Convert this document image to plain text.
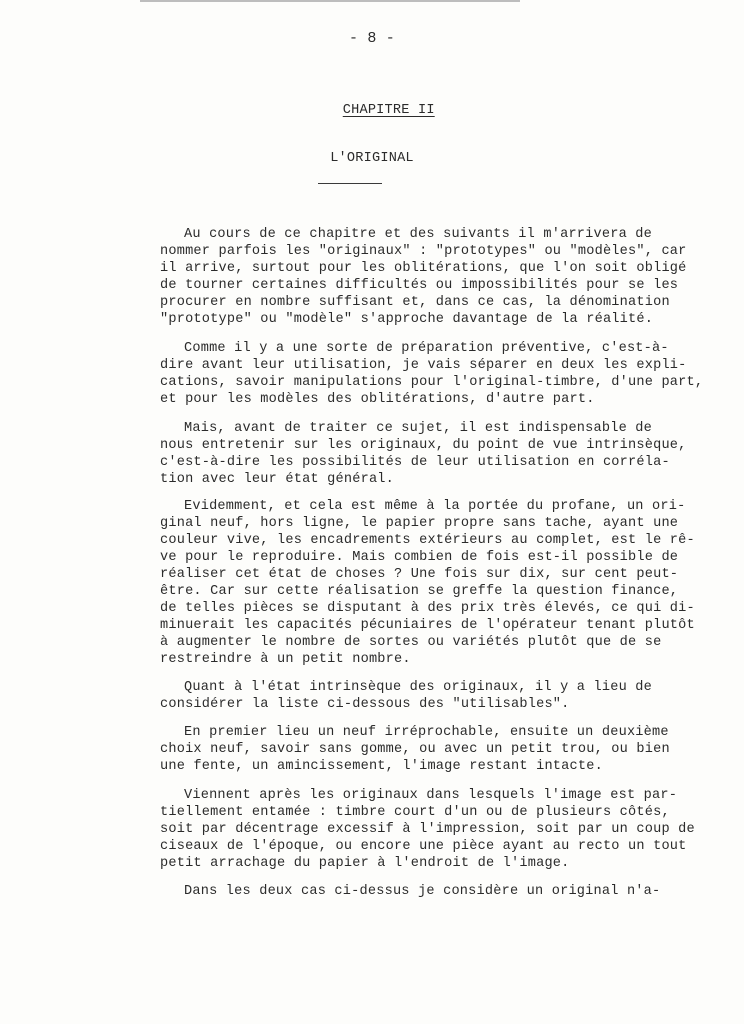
- 8 -

CHAPITRE II

L'ORIGINAL
Au cours de ce chapitre et des suivants il m'arrivera de
nommer parfois les "originaux" : "prototypes" ou "modèles", car
il arrive, surtout pour les oblitérations, que l'on soit obligé
de tourner certaines difficultés ou impossibilités pour se les
procurer en nombre suffisant et, dans ce cas, la dénomination
"prototype" ou "modèle" s'approche davantage de la réalité.
Comme il y a une sorte de préparation préventive, c'est-à-
dire avant leur utilisation, je vais séparer en deux les expli-
cations, savoir manipulations pour l'original-timbre, d'une part,
et pour les modèles des oblitérations, d'autre part.
Mais, avant de traiter ce sujet, il est indispensable de
nous entretenir sur les originaux, du point de vue intrinsèque,
c'est-à-dire les possibilités de leur utilisation en corréla-
tion avec leur état général.
Evidemment, et cela est même à la portée du profane, un ori-
ginal neuf, hors ligne, le papier propre sans tache, ayant une
couleur vive, les encadrements extérieurs au complet, est le rê-
ve pour le reproduire. Mais combien de fois est-il possible de
réaliser cet état de choses ? Une fois sur dix, sur cent peut-
être. Car sur cette réalisation se greffe la question finance,
de telles pièces se disputant à des prix très élevés, ce qui di-
minuerait les capacités pécuniaires de l'opérateur tenant plutôt
à augmenter le nombre de sortes ou variétés plutôt que de se
restreindre à un petit nombre.
Quant à l'état intrinsèque des originaux, il y a lieu de
considérer la liste ci-dessous des "utilisables".
En premier lieu un neuf irréprochable, ensuite un deuxième
choix neuf, savoir sans gomme, ou avec un petit trou, ou bien
une fente, un amincissement, l'image restant intacte.
Viennent après les originaux dans lesquels l'image est par-
tiellement entamée : timbre court d'un ou de plusieurs côtés,
soit par décentrage excessif à l'impression, soit par un coup de
ciseaux de l'époque, ou encore une pièce ayant au recto un tout
petit arrachage du papier à l'endroit de l'image.
Dans les deux cas ci-dessus je considère un original n'a-
